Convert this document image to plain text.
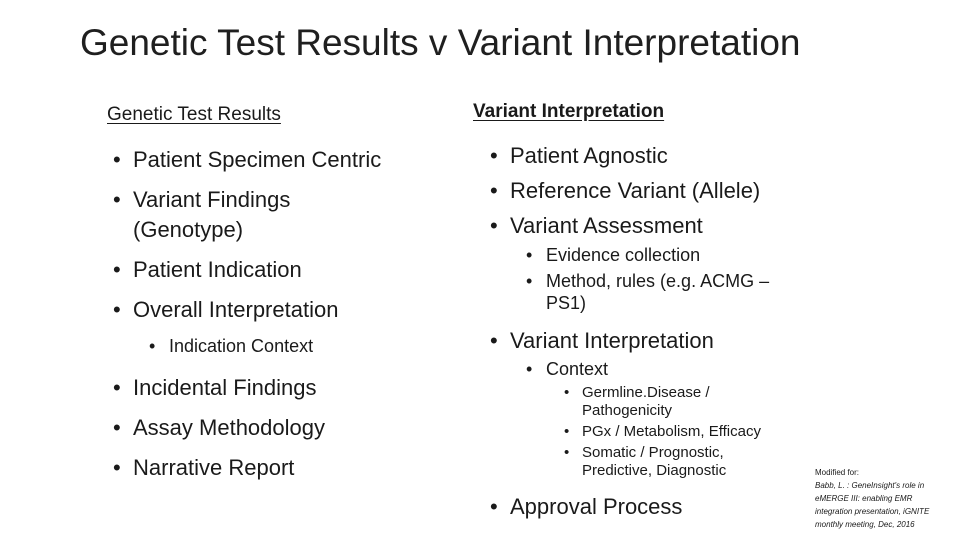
Genetic Test Results v Variant Interpretation
Genetic Test Results	Variant Interpretation
• Patient Specimen Centric
• Variant Findings
(Genotype)
• Patient Indication
• Overall Interpretation
• Indication Context
• Incidental Findings
• Assay Methodology
• Narrative Report
• Patient Agnostic
• Reference Variant (Allele)
• Variant Assessment
• Evidence collection
• Method, rules (e.g. ACMG –
PS1)
• Variant Interpretation
• Context
• Germline.Disease /
Pathogenicity
• PGx / Metabolism, Efficacy
• Somatic / Prognostic,
Predictive, Diagnostic
• Approval Process
Modified for:
Babb, L. : GeneInsight's role in
eMERGE III: enabling EMR
integration presentation, iGNITE
monthly meeting, Dec, 2016
